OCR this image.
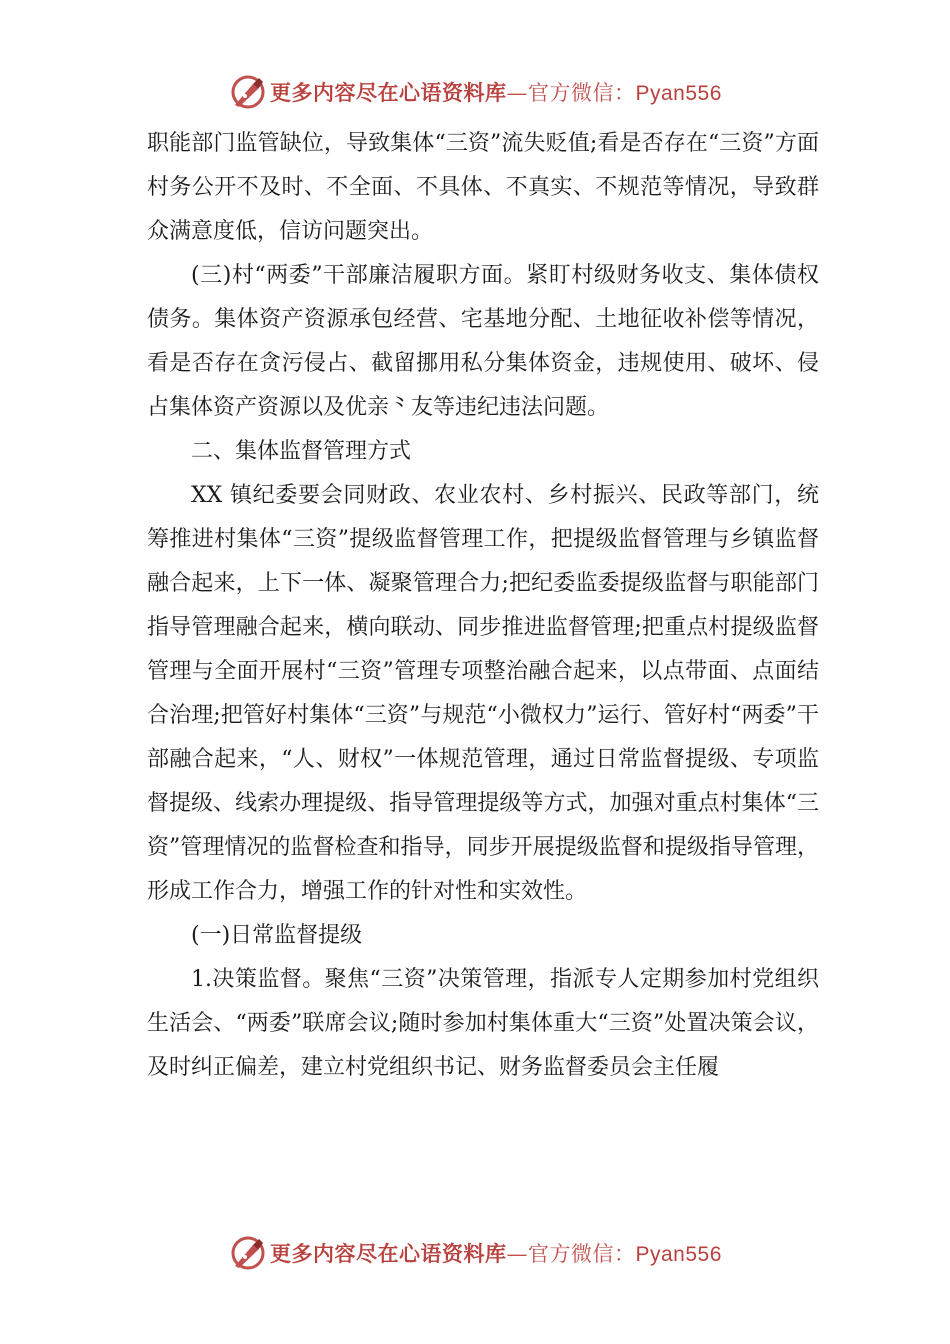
更多内容尽在心语资料库—官方微信：Pyan556

职能部门监管缺位，导致集体“三资”流失贬值;看是否存在“三资”方面村务公开不及时、不全面、不具体、不真实、不规范等情况，导致群众满意度低，信访问题突出。

(三)村“两委”干部廉洁履职方面。紧盯村级财务收支、集体债权债务。集体资产资源承包经营、宅基地分配、土地征收补偿等情况，看是否存在贪污侵占、截留挪用私分集体资金，违规使用、破坏、侵占集体资产资源以及优亲⺀友等违纪违法问题。

二、集体监督管理方式

XX 镇纪委要会同财政、农业农村、乡村振兴、民政等部门，统筹推进村集体“三资”提级监督管理工作，把提级监督管理与乡镇监督融合起来，上下一体、凝聚管理合力;把纪委监委提级监督与职能部门指导管理融合起来，横向联动、同步推进监督管理;把重点村提级监督管理与全面开展村“三资”管理专项整治融合起来，以点带面、点面结合治理;把管好村集体“三资”与规范“小微权力”运行、管好村“两委”干部融合起来，“人、财权”一体规范管理，通过日常监督提级、专项监督提级、线索办理提级、指导管理提级等方式，加强对重点村集体“三资”管理情况的监督检查和指导，同步开展提级监督和提级指导管理，形成工作合力，增强工作的针对性和实效性。

(一)日常监督提级

1.决策监督。聚焦“三资”决策管理，指派专人定期参加村党组织生活会、“两委”联席会议;随时参加村集体重大“三资”处置决策会议，及时纠正偏差，建立村党组织书记、财务监督委员会主任履

更多内容尽在心语资料库—官方微信：Pyan556
